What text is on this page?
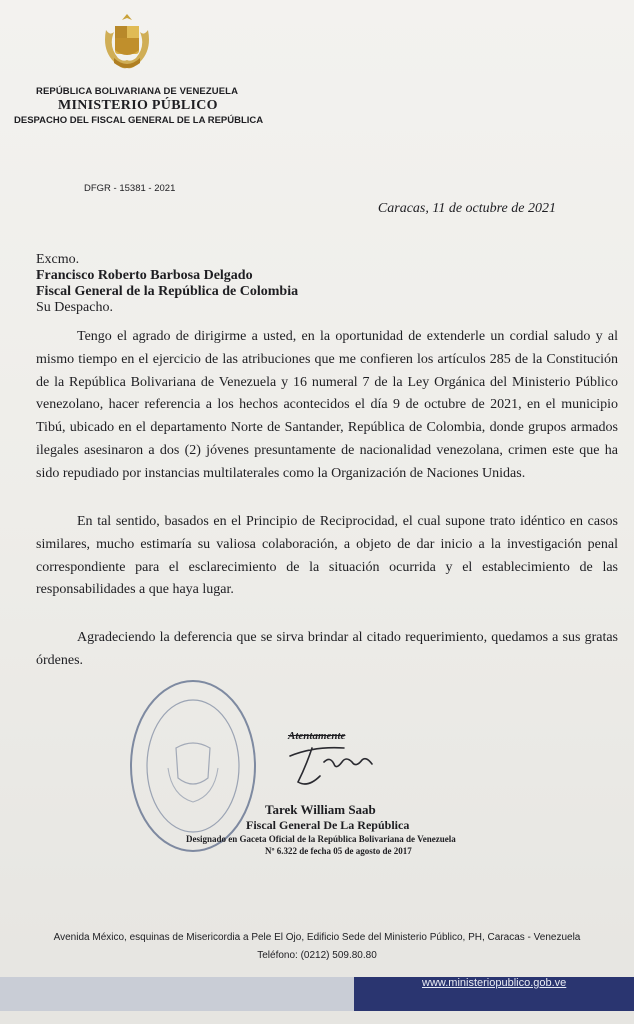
REPÚBLICA BOLIVARIANA DE VENEZUELA
MINISTERIO PÚBLICO
DESPACHO DEL FISCAL GENERAL DE LA REPÚBLICA
DFGR - 15381 - 2021
Caracas, 11 de octubre de 2021
Excmo.
Francisco Roberto Barbosa Delgado
Fiscal General de la República de Colombia
Su Despacho.

Tengo el agrado de dirigirme a usted, en la oportunidad de extenderle un cordial saludo y al mismo tiempo en el ejercicio de las atribuciones que me confieren los artículos 285 de la Constitución de la República Bolivariana de Venezuela y 16 numeral 7 de la Ley Orgánica del Ministerio Público venezolano, hacer referencia a los hechos acontecidos el día 9 de octubre de 2021, en el municipio Tibú, ubicado en el departamento Norte de Santander, República de Colombia, donde grupos armados ilegales asesinaron a dos (2) jóvenes presuntamente de nacionalidad venezolana, crimen este que ha sido repudiado por instancias multilaterales como la Organización de Naciones Unidas.

En tal sentido, basados en el Principio de Reciprocidad, el cual supone trato idéntico en casos similares, mucho estimaría su valiosa colaboración, a objeto de dar inicio a la investigación penal correspondiente para el esclarecimiento de la situación ocurrida y el establecimiento de las responsabilidades a que haya lugar.

Agradeciendo la deferencia que se sirva brindar al citado requerimiento, quedamos a sus gratas órdenes.

Atentamente
Tarek William Saab
Fiscal General De La República
Designado en Gaceta Oficial de la República Bolivariana de Venezuela
Nº 6.322 de fecha 05 de agosto de 2017
Avenida México, esquinas de Misericordia a Pele El Ojo, Edificio Sede del Ministerio Público, PH, Caracas - Venezuela
Teléfono: (0212) 509.80.80
www.ministeriopublico.gob.ve
